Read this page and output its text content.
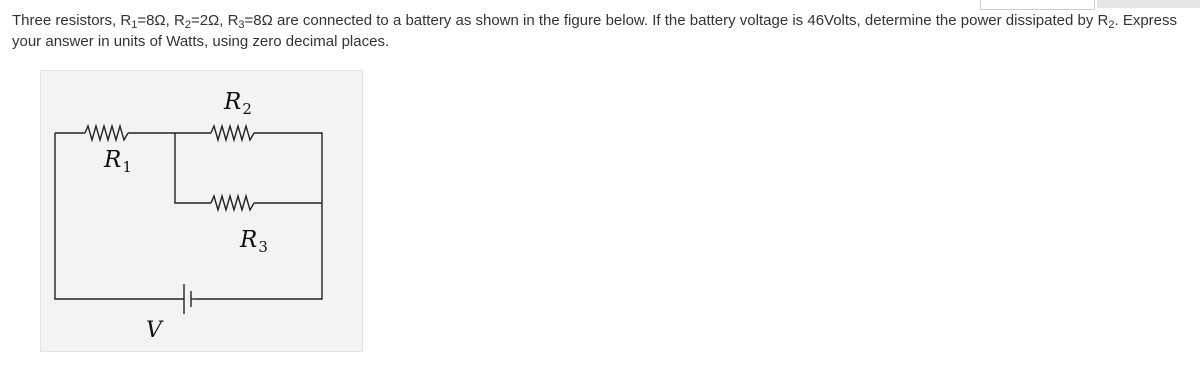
Three resistors, $R_1=8\Omega$, $R_2=2\Omega$, $R_3=8\Omega$ are connected to a battery as shown in the figure below. If the battery voltage is 46Volts, determine the power dissipated by $R_2$. Express your answer in units of Watts, using zero decimal places.

$R_2$
$R_1$
$R_3$
V
